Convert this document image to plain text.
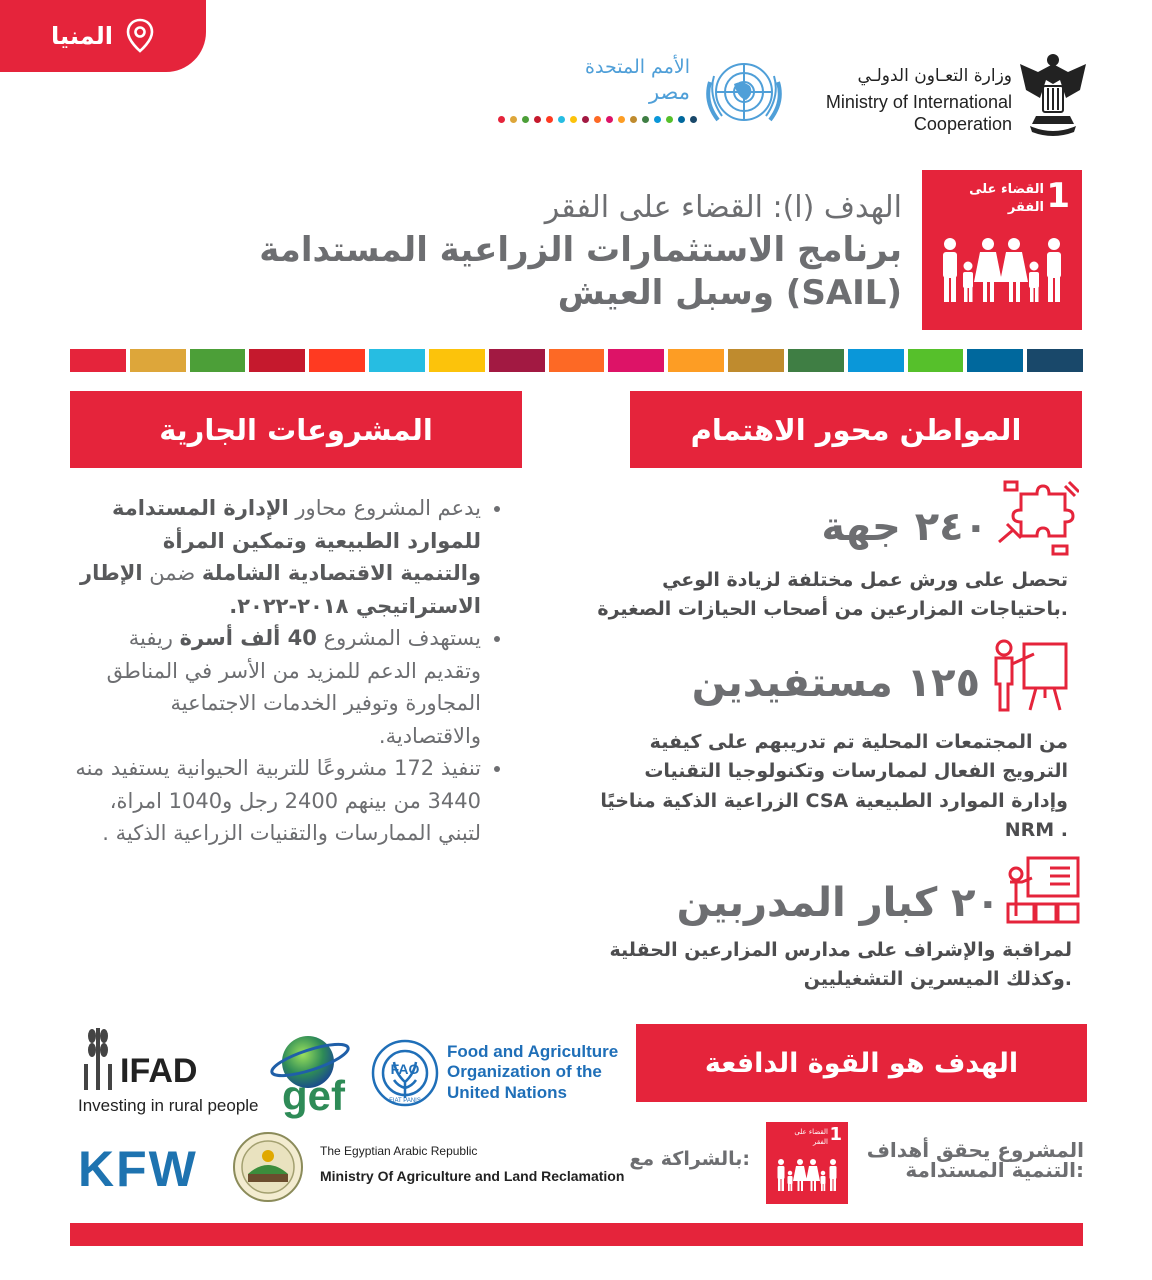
المنيا
الأمم المتحدة
مصر
وزارة التعـاون الدولـي
Ministry of International
Cooperation
1
القضاء على
الفقر
الهدف (ا): القضاء على الفقر
برنامج الاستثمارات الزراعية المستدامة
وسبل العيش (SAIL)
المواطن محور الاهتمام
المشروعات الجارية
٢٤٠ جهة
تحصل على ورش عمل مختلفة لزيادة الوعي
باحتياجات المزارعين من أصحاب الحيازات الصغيرة.
١٢٥ مستفيدين
من المجتمعات المحلية تم تدريبهم على كيفية
الترويج الفعال لممارسات وتكنولوجيا التقنيات
الزراعية الذكية مناخيًا CSA وإدارة الموارد الطبيعية
NRM .
٢٠ كبار المدربين
لمراقبة والإشراف على مدارس المزارعين الحقلية
وكذلك الميسرين التشغيليين.
• يدعم المشروع محاور الإدارة المستدامة للموارد الطبيعية وتمكين المرأة والتنمية الاقتصادية الشاملة ضمن الإطار الاستراتيجي ٢٠١٨-٢٠٢٢.
• يستهدف المشروع 40 ألف أسرة ريفية وتقديم الدعم للمزيد من الأسر في المناطق المجاورة وتوفير الخدمات الاجتماعية والاقتصادية.
• تنفيذ 172 مشروعًا للتربية الحيوانية يستفيد منه 3440 من بينهم 2400 رجل و1040 امراة، لتبني الممارسات والتقنيات الزراعية الذكية .
الهدف هو القوة الدافعة
FAO
FIAT PANIS
Food and Agriculture
Organization of the
United Nations
gef
IFAD
Investing in rural people
KFW	The Egyptian Arabic Republic
Ministry Of Agriculture and Land Reclamation
بالشراكة مع:
1
القضاء على
الفقر	المشروع يحقق أهداف
التنمية المستدامة:
